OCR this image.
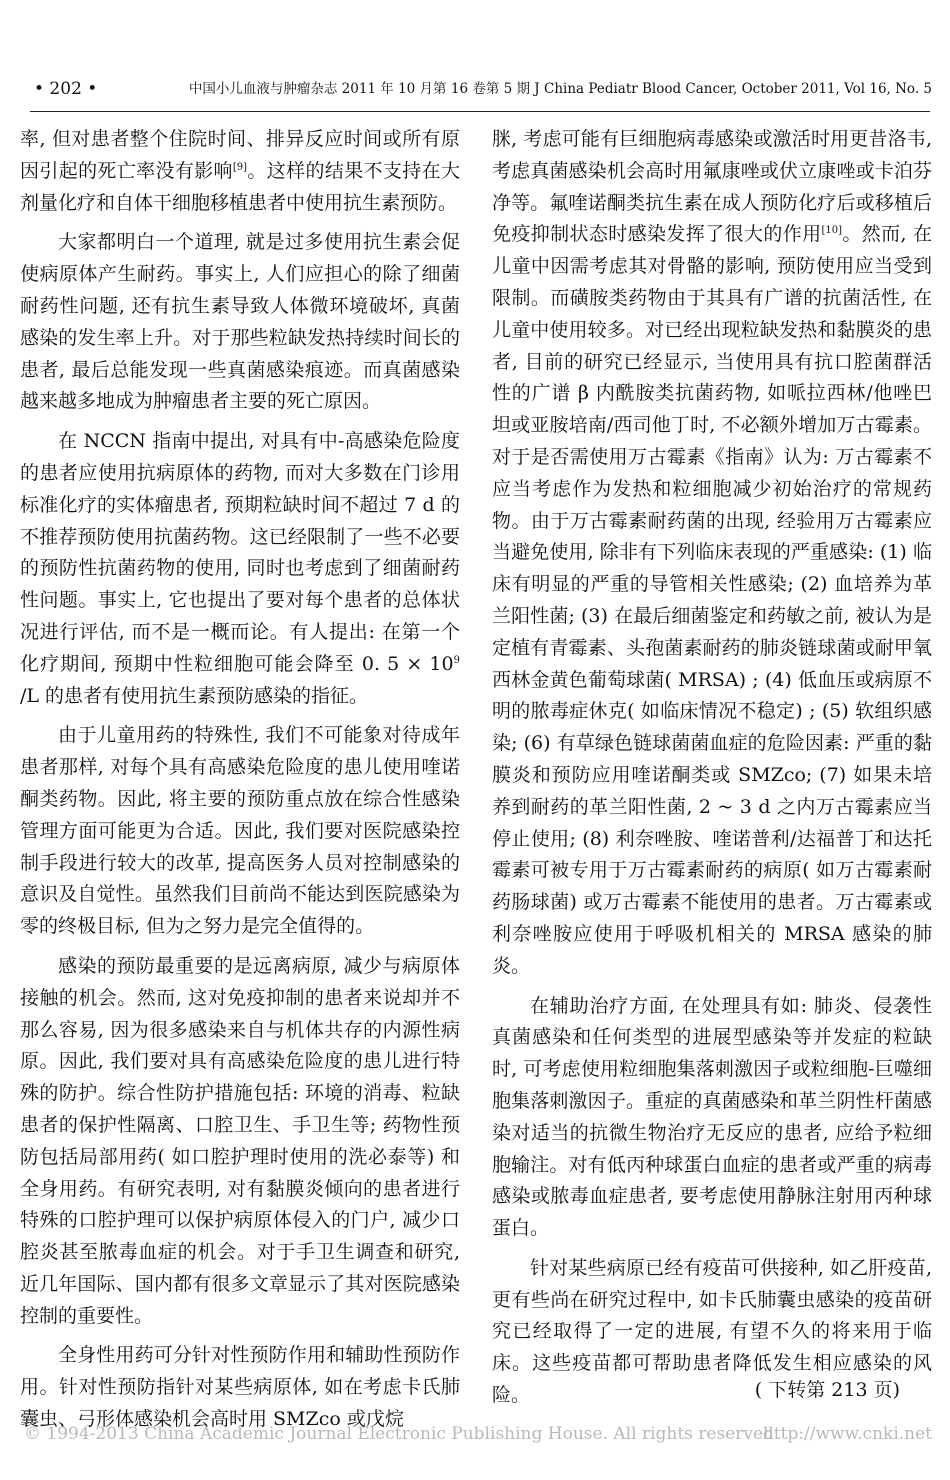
• 202 •	中国小儿血液与肿瘤杂志 2011 年 10 月第 16 卷第 5 期 J China Pediatr Blood Cancer, October 2011, Vol 16, No. 5

率, 但对患者整个住院时间、排异反应时间或所有原因引起的死亡率没有影响[9]。这样的结果不支持在大剂量化疗和自体干细胞移植患者中使用抗生素预防。

大家都明白一个道理, 就是过多使用抗生素会促使病原体产生耐药。事实上, 人们应担心的除了细菌耐药性问题, 还有抗生素导致人体微环境破坏, 真菌感染的发生率上升。对于那些粒缺发热持续时间长的患者, 最后总能发现一些真菌感染痕迹。而真菌感染越来越多地成为肿瘤患者主要的死亡原因。

在 NCCN 指南中提出, 对具有中-高感染危险度的患者应使用抗病原体的药物, 而对大多数在门诊用标准化疗的实体瘤患者, 预期粒缺时间不超过 7 d 的不推荐预防使用抗菌药物。这已经限制了一些不必要的预防性抗菌药物的使用, 同时也考虑到了细菌耐药性问题。事实上, 它也提出了要对每个患者的总体状况进行评估, 而不是一概而论。有人提出: 在第一个化疗期间, 预期中性粒细胞可能会降至 0. $5 \times 10^9$ /L 的患者有使用抗生素预防感染的指征。

由于儿童用药的特殊性, 我们不可能象对待成年患者那样, 对每个具有高感染危险度的患儿使用喹诺酮类药物。因此, 将主要的预防重点放在综合性感染管理方面可能更为合适。因此, 我们要对医院感染控制手段进行较大的改革, 提高医务人员对控制感染的意识及自觉性。虽然我们目前尚不能达到医院感染为零的终极目标, 但为之努力是完全值得的。

感染的预防最重要的是远离病原, 减少与病原体接触的机会。然而, 这对免疫抑制的患者来说却并不那么容易, 因为很多感染来自与机体共存的内源性病原。因此, 我们要对具有高感染危险度的患儿进行特殊的防护。综合性防护措施包括: 环境的消毒、粒缺患者的保护性隔离、口腔卫生、手卫生等; 药物性预防包括局部用药( 如口腔护理时使用的洗必泰等) 和全身用药。有研究表明, 对有黏膜炎倾向的患者进行特殊的口腔护理可以保护病原体侵入的门户, 减少口腔炎甚至脓毒血症的机会。对于手卫生调查和研究, 近几年国际、国内都有很多文章显示了其对医院感染控制的重要性。

全身性用药可分针对性预防作用和辅助性预防作用。针对性预防指针对某些病原体, 如在考虑卡氏肺囊虫、弓形体感染机会高时用 SMZco 或戊烷

脒, 考虑可能有巨细胞病毒感染或激活时用更昔洛韦, 考虑真菌感染机会高时用氟康唑或伏立康唑或卡泊芬净等。氟喹诺酮类抗生素在成人预防化疗后或移植后免疫抑制状态时感染发挥了很大的作用[10]。然而, 在儿童中因需考虑其对骨骼的影响, 预防使用应当受到限制。而磺胺类药物由于其具有广谱的抗菌活性, 在儿童中使用较多。对已经出现粒缺发热和黏膜炎的患者, 目前的研究已经显示, 当使用具有抗口腔菌群活性的广谱 β 内酰胺类抗菌药物, 如哌拉西林/他唑巴坦或亚胺培南/西司他丁时, 不必额外增加万古霉素。对于是否需使用万古霉素《指南》认为: 万古霉素不应当考虑作为发热和粒细胞减少初始治疗的常规药物。由于万古霉素耐药菌的出现, 经验用万古霉素应当避免使用, 除非有下列临床表现的严重感染: (1) 临床有明显的严重的导管相关性感染; (2) 血培养为革兰阳性菌; (3) 在最后细菌鉴定和药敏之前, 被认为是定植有青霉素、头孢菌素耐药的肺炎链球菌或耐甲氧西林金黄色葡萄球菌( MRSA) ; (4) 低血压或病原不明的脓毒症休克( 如临床情况不稳定) ; (5) 软组织感染; (6) 有草绿色链球菌菌血症的危险因素: 严重的黏膜炎和预防应用喹诺酮类或 SMZco; (7) 如果未培养到耐药的革兰阳性菌, 2 ~ 3 d 之内万古霉素应当停止使用; (8) 利奈唑胺、喹诺普利/达福普丁和达托霉素可被专用于万古霉素耐药的病原( 如万古霉素耐药肠球菌) 或万古霉素不能使用的患者。万古霉素或利奈唑胺应使用于呼吸机相关的 MRSA 感染的肺炎。

在辅助治疗方面, 在处理具有如: 肺炎、侵袭性真菌感染和任何类型的进展型感染等并发症的粒缺时, 可考虑使用粒细胞集落刺激因子或粒细胞-巨噬细胞集落刺激因子。重症的真菌感染和革兰阴性杆菌感染对适当的抗微生物治疗无反应的患者, 应给予粒细胞输注。对有低丙种球蛋白血症的患者或严重的病毒感染或脓毒血症患者, 要考虑使用静脉注射用丙种球蛋白。

针对某些病原已经有疫苗可供接种, 如乙肝疫苗, 更有些尚在研究过程中, 如卡氏肺囊虫感染的疫苗研究已经取得了一定的进展, 有望不久的将来用于临床。这些疫苗都可帮助患者降低发生相应感染的风险。	( 下转第 213 页)
© 1994-2013 China Academic Journal Electronic Publishing House. All rights reserved.
http://www.cnki.net
